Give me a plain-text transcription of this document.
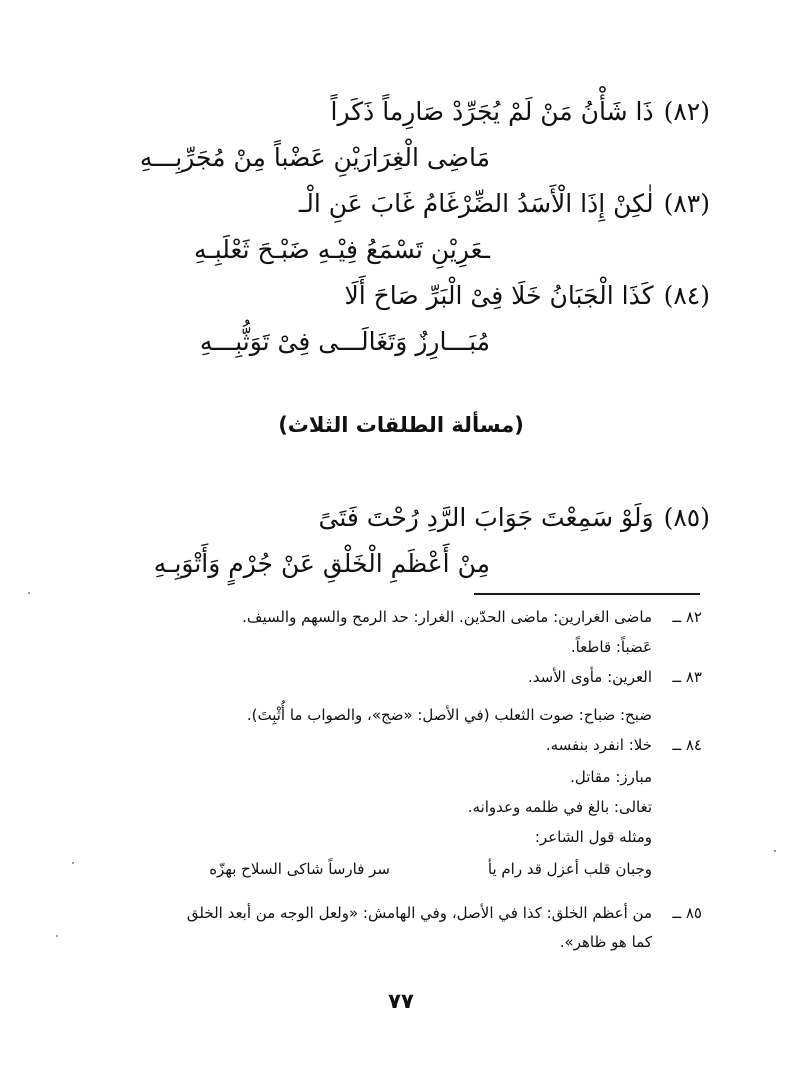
(٨٢)ذَا شَأْنُ مَنْ لَمْ يُجَرِّدْ صَارِماً ذَكَراً
مَاضِى الْغِرَارَيْنِ عَضْباً مِنْ مُجَرِّبِـــهِ
(٨٣)لٰكِنْ إِذَا الْأَسَدُ الضِّرْغَامُ غَابَ عَنِ الْـ
ـعَرِيْنِ تَسْمَعُ فِيْـهِ ضَبْـحَ ثَعْلَبِـهِ
(٨٤)كَذَا الْجَبَانُ خَلَا فِىْ الْبَرِّ صَاحَ أَلَا
مُبَـــارِزٌ وَتَغَالَـــى فِىْ تَوَثُّبِـــهِ
(مسألة الطلقات الثلاث)
(٨٥)وَلَوْ سَمِعْتَ جَوَابَ الرَّدِ رُحْتَ فَتَىً
مِنْ أَعْظَمِ الْخَلْقِ عَنْ جُرْمٍ وَأَتْوَبِـهِ
٨٢ ــ
ماضى الغرارين: ماضى الحدّين. الغرار: حد الرمح والسهم والسيف.
عَضباً: قاطعاً.
٨٣ ــ
العرين: مأوى الأسد.
ضبح: ضباح: صوت الثعلب (في الأصل: «ضج»، والصواب ما أُثْبِتَ).
٨٤ ــ
خلا: انفرد بنفسه.
مبارز: مقاتل.
تغالى: بالغ في ظلمه وعدوانه.
ومثله قول الشاعر:
وجبان قلب أعزل قد رام يأ
سر فارساً شاكى السلاح بهزّه
٨٥ ــ
من أعظم الخلق: كذا في الأصل، وفي الهامش: «ولعل الوجه من أبعد الخلق
كما هو ظاهر».
٧٧
